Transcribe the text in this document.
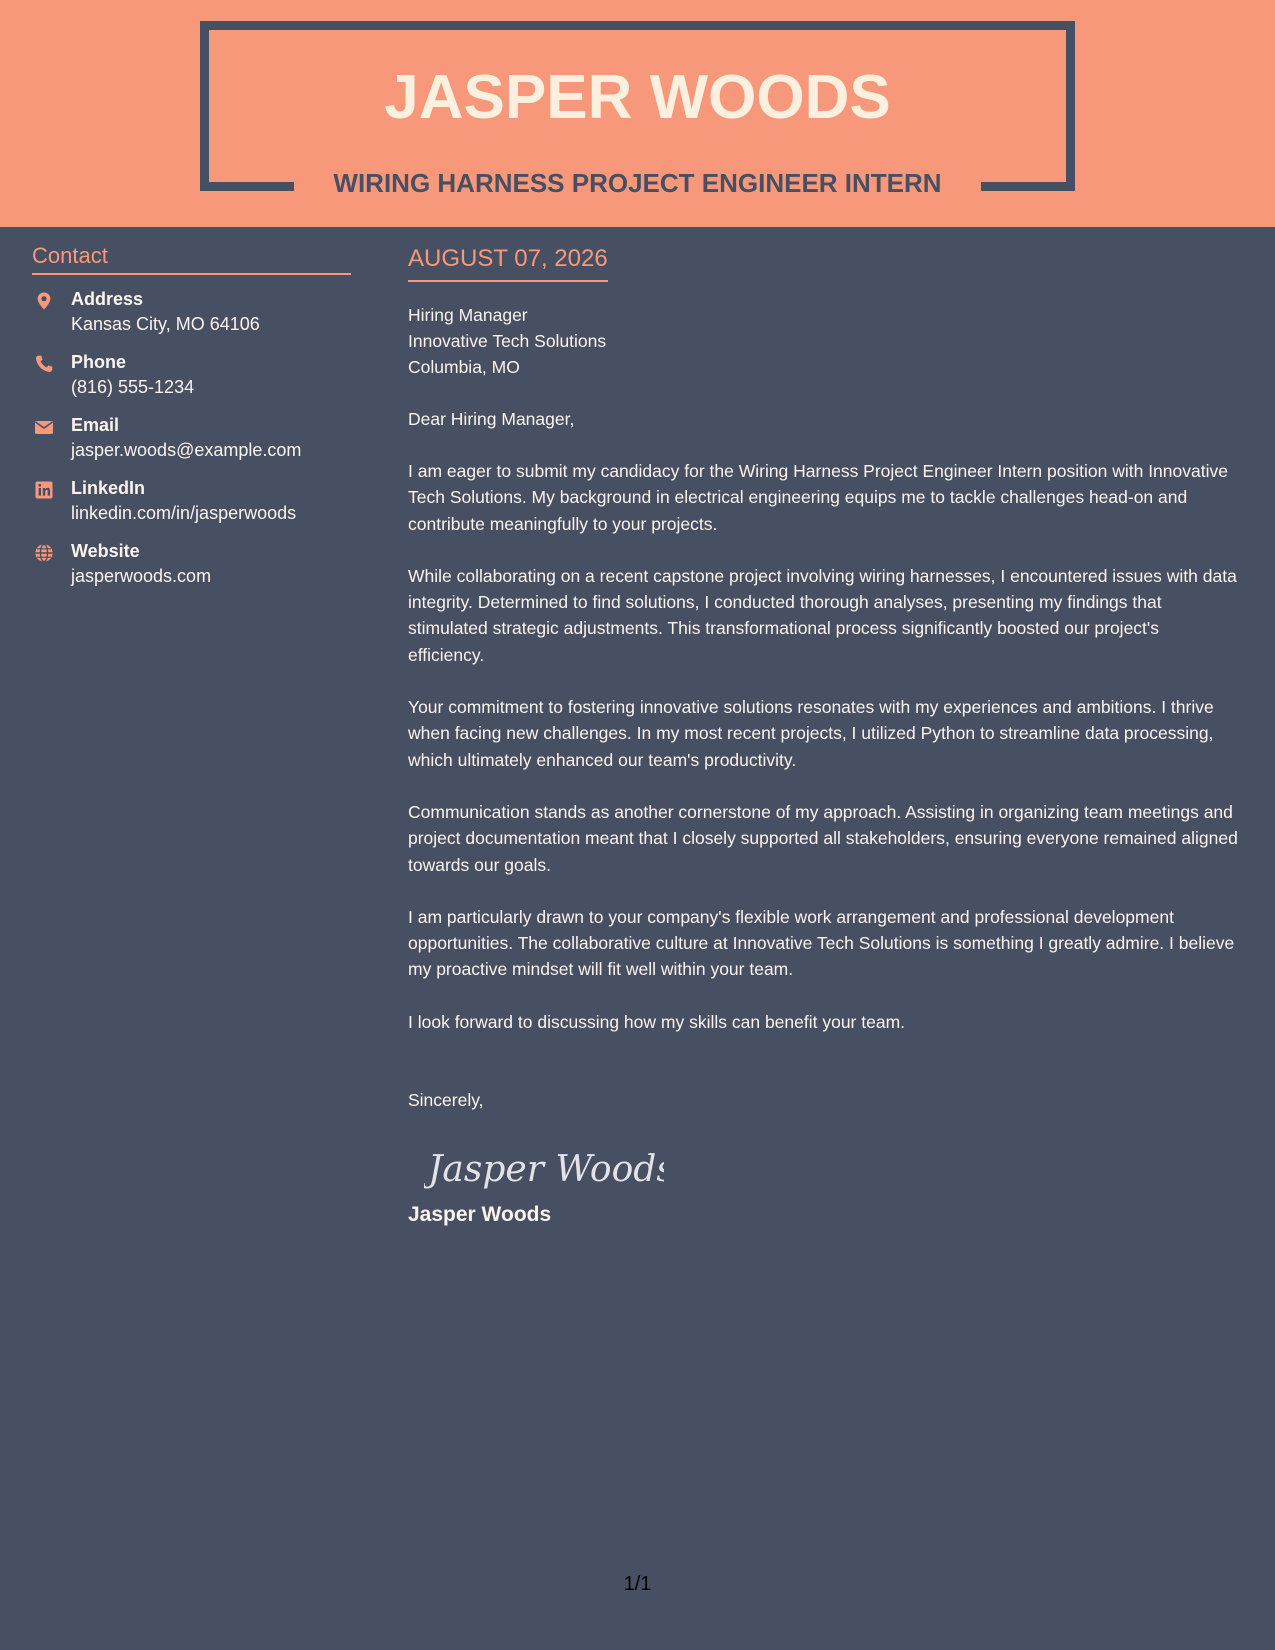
JASPER WOODS
WIRING HARNESS PROJECT ENGINEER INTERN
Contact
Address
Kansas City, MO 64106
Phone
(816) 555-1234
Email
jasper.woods@example.com
LinkedIn
linkedin.com/in/jasperwoods
Website
jasperwoods.com
AUGUST 07, 2026
Hiring Manager
Innovative Tech Solutions
Columbia, MO
Dear Hiring Manager,
I am eager to submit my candidacy for the Wiring Harness Project Engineer Intern position with Innovative Tech Solutions. My background in electrical engineering equips me to tackle challenges head-on and contribute meaningfully to your projects.
While collaborating on a recent capstone project involving wiring harnesses, I encountered issues with data integrity. Determined to find solutions, I conducted thorough analyses, presenting my findings that stimulated strategic adjustments. This transformational process significantly boosted our project's efficiency.
Your commitment to fostering innovative solutions resonates with my experiences and ambitions. I thrive when facing new challenges. In my most recent projects, I utilized Python to streamline data processing, which ultimately enhanced our team's productivity.
Communication stands as another cornerstone of my approach. Assisting in organizing team meetings and project documentation meant that I closely supported all stakeholders, ensuring everyone remained aligned towards our goals.
I am particularly drawn to your company's flexible work arrangement and professional development opportunities. The collaborative culture at Innovative Tech Solutions is something I greatly admire. I believe my proactive mindset will fit well within your team.
I look forward to discussing how my skills can benefit your team.
Sincerely,
Jasper Woods
Jasper Woods
1/1
